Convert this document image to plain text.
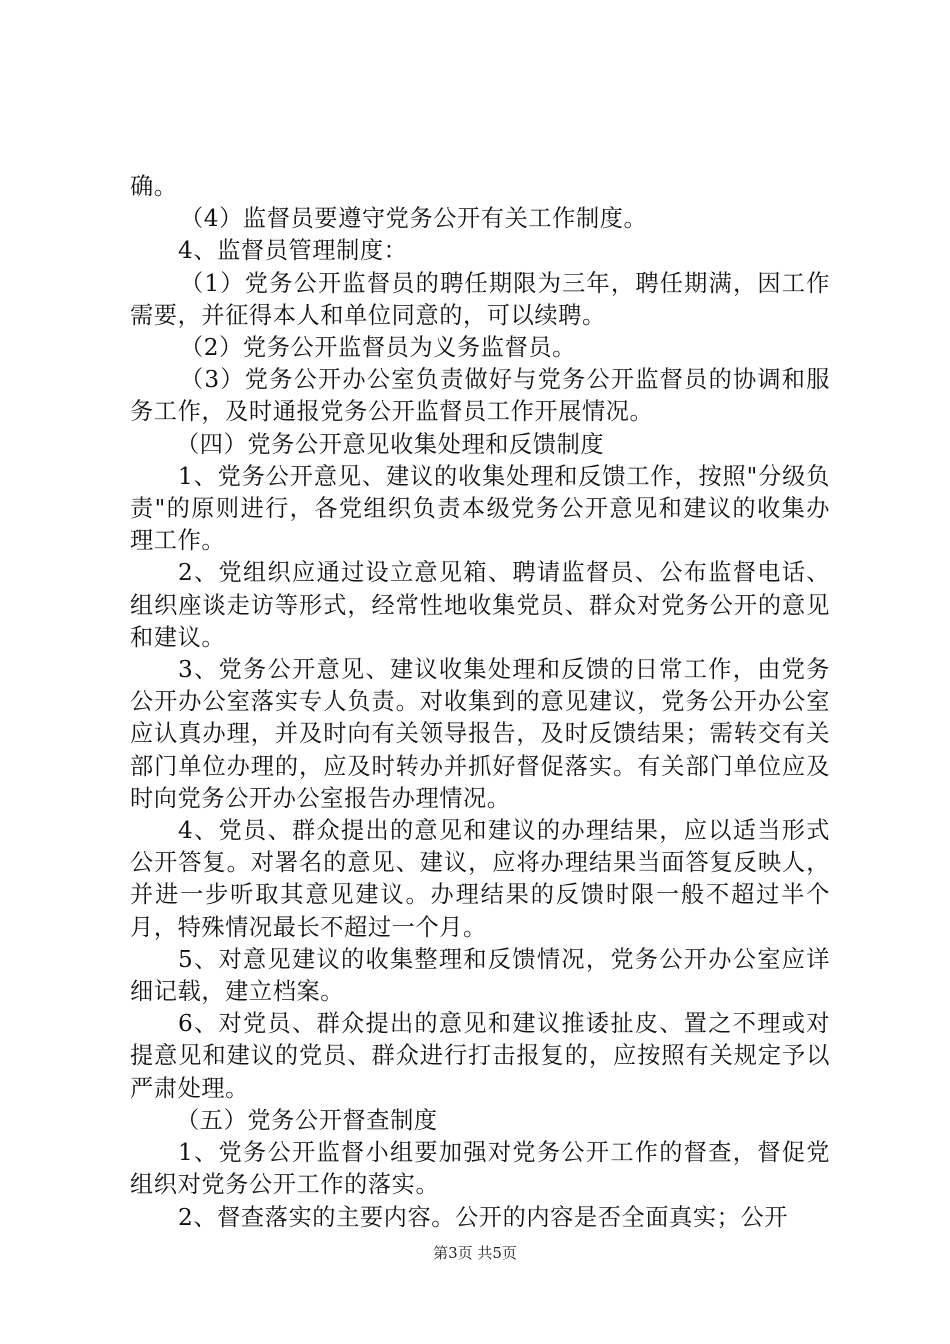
确。

（4）监督员要遵守党务公开有关工作制度。

4、监督员管理制度：

（1）党务公开监督员的聘任期限为三年，聘任期满，因工作需要，并征得本人和单位同意的，可以续聘。

（2）党务公开监督员为义务监督员。

（3）党务公开办公室负责做好与党务公开监督员的协调和服务工作，及时通报党务公开监督员工作开展情况。

（四）党务公开意见收集处理和反馈制度

1、党务公开意见、建议的收集处理和反馈工作，按照"分级负责"的原则进行，各党组织负责本级党务公开意见和建议的收集办理工作。

2、党组织应通过设立意见箱、聘请监督员、公布监督电话、组织座谈走访等形式，经常性地收集党员、群众对党务公开的意见和建议。

3、党务公开意见、建议收集处理和反馈的日常工作，由党务公开办公室落实专人负责。对收集到的意见建议，党务公开办公室应认真办理，并及时向有关领导报告，及时反馈结果；需转交有关部门单位办理的，应及时转办并抓好督促落实。有关部门单位应及时向党务公开办公室报告办理情况。

4、党员、群众提出的意见和建议的办理结果，应以适当形式公开答复。对署名的意见、建议，应将办理结果当面答复反映人，并进一步听取其意见建议。办理结果的反馈时限一般不超过半个月，特殊情况最长不超过一个月。

5、对意见建议的收集整理和反馈情况，党务公开办公室应详细记载，建立档案。

6、对党员、群众提出的意见和建议推诿扯皮、置之不理或对提意见和建议的党员、群众进行打击报复的，应按照有关规定予以严肃处理。

（五）党务公开督查制度

1、党务公开监督小组要加强对党务公开工作的督查，督促党组织对党务公开工作的落实。

2、督查落实的主要内容。公开的内容是否全面真实；公开

第3页 共5页
